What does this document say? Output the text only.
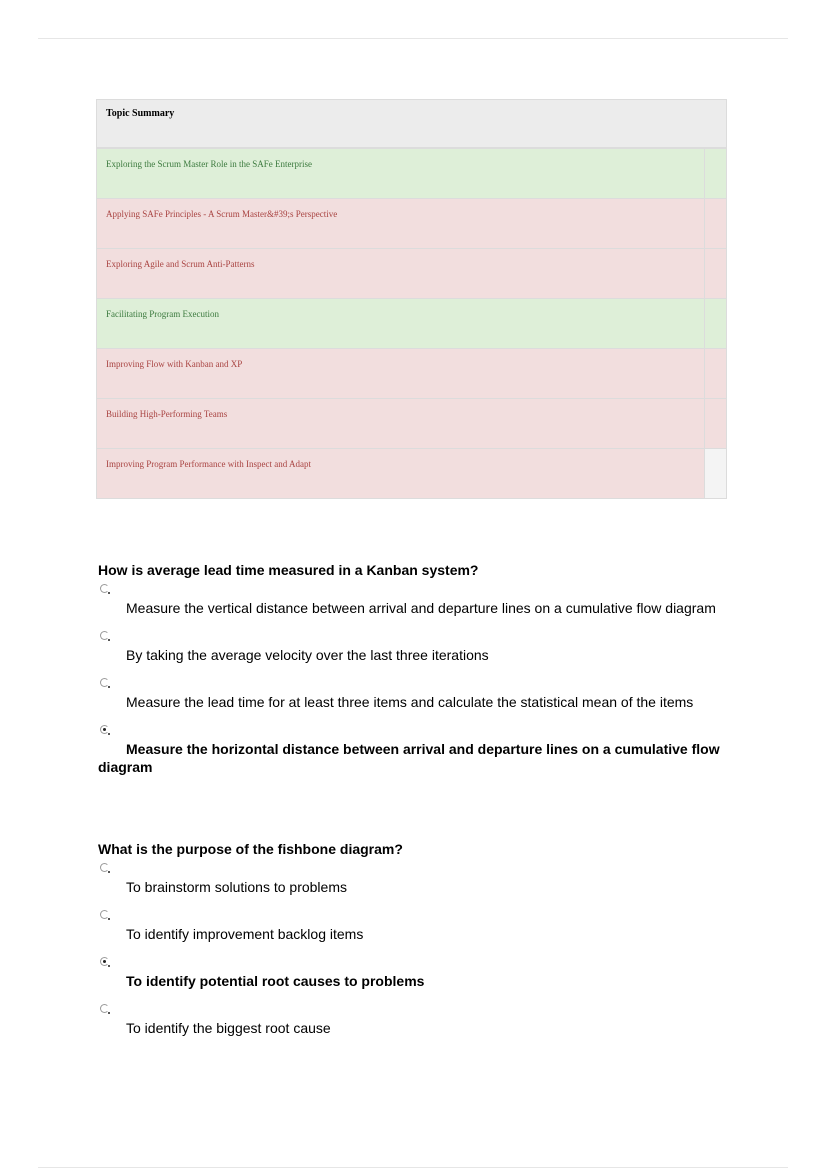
Topic Summary
Exploring the Scrum Master Role in the SAFe Enterprise
Applying SAFe Principles - A Scrum Master&#39;s Perspective
Exploring Agile and Scrum Anti-Patterns
Facilitating Program Execution
Improving Flow with Kanban and XP
Building High-Performing Teams
Improving Program Performance with Inspect and Adapt

How is average lead time measured in a Kanban system?

Measure the vertical distance between arrival and departure lines on a cumulative flow diagram

By taking the average velocity over the last three iterations

Measure the lead time for at least three items and calculate the statistical mean of the items

Measure the horizontal distance between arrival and departure lines on a cumulative flow diagram

What is the purpose of the fishbone diagram?

To brainstorm solutions to problems

To identify improvement backlog items

To identify potential root causes to problems

To identify the biggest root cause
